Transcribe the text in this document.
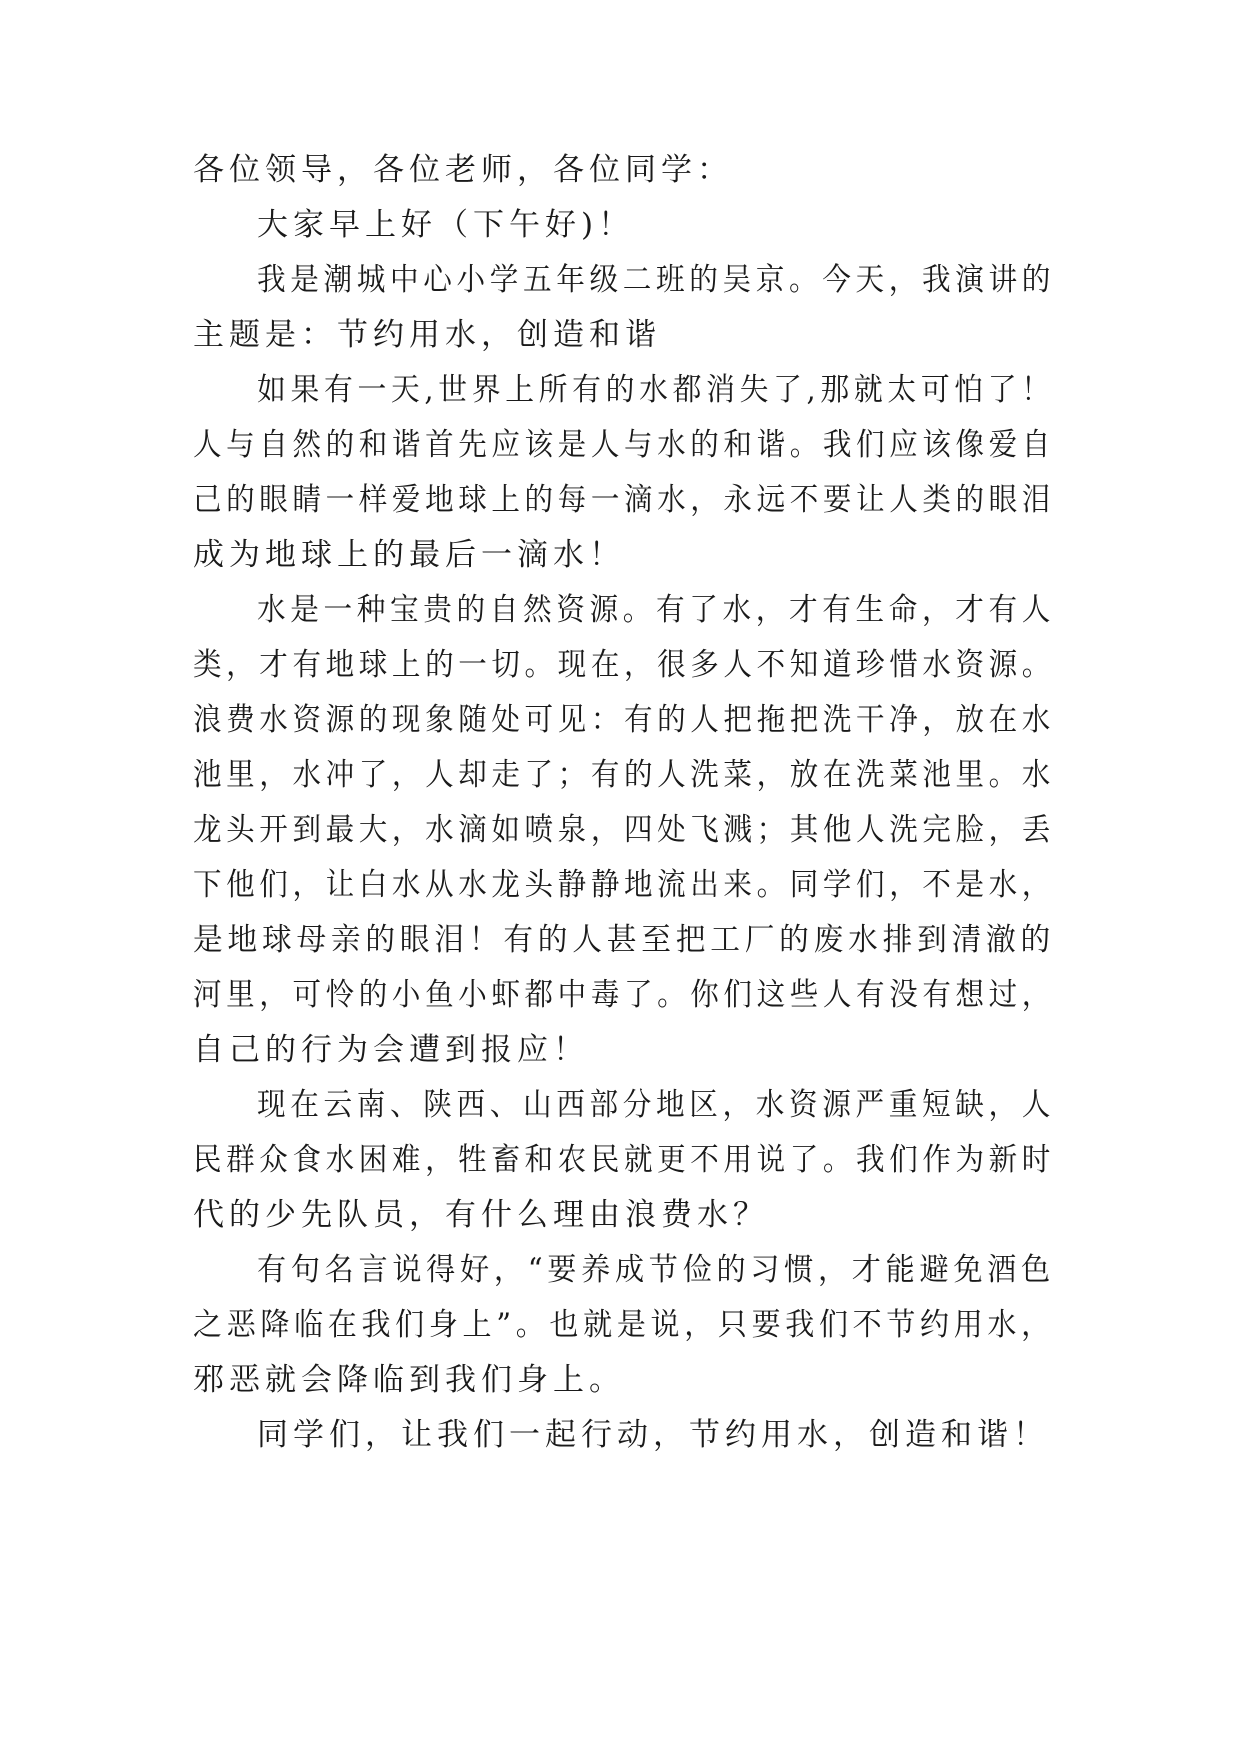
各位领导，各位老师，各位同学：
大家早上好（下午好)！
我是潮城中心小学五年级二班的吴京。今天，我演讲的
主题是：节约用水，创造和谐
如果有一天,世界上所有的水都消失了,那就太可怕了！
人与自然的和谐首先应该是人与水的和谐。我们应该像爱自
己的眼睛一样爱地球上的每一滴水，永远不要让人类的眼泪
成为地球上的最后一滴水！
水是一种宝贵的自然资源。有了水，才有生命，才有人
类，才有地球上的一切。现在，很多人不知道珍惜水资源。
浪费水资源的现象随处可见：有的人把拖把洗干净，放在水
池里，水冲了，人却走了；有的人洗菜，放在洗菜池里。水
龙头开到最大，水滴如喷泉，四处飞溅；其他人洗完脸，丢
下他们，让白水从水龙头静静地流出来。同学们，不是水，
是地球母亲的眼泪！有的人甚至把工厂的废水排到清澈的
河里，可怜的小鱼小虾都中毒了。你们这些人有没有想过，
自己的行为会遭到报应！
现在云南、陕西、山西部分地区，水资源严重短缺，人
民群众食水困难，牲畜和农民就更不用说了。我们作为新时
代的少先队员，有什么理由浪费水？
有句名言说得好，“要养成节俭的习惯，才能避免酒色
之恶降临在我们身上”。也就是说，只要我们不节约用水，
邪恶就会降临到我们身上。
同学们，让我们一起行动，节约用水，创造和谐！
